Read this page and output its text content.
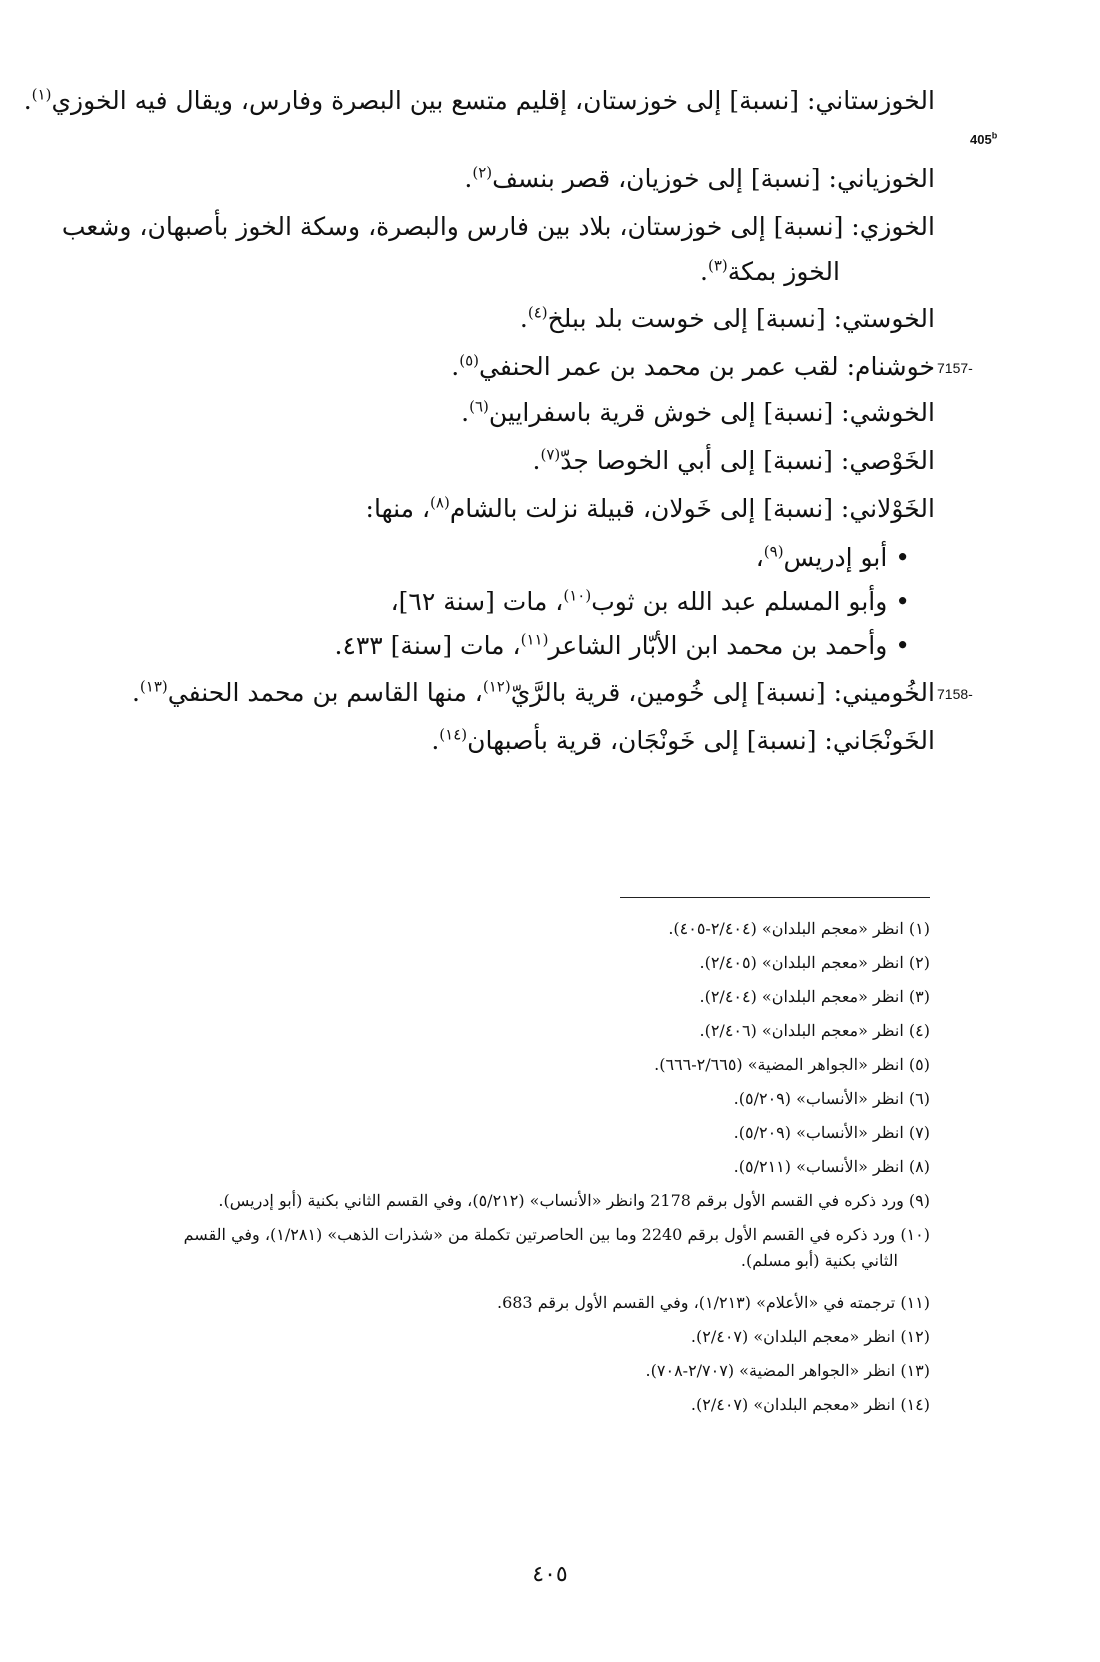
الخوزستاني: [نسبة] إلى خوزستان، إقليم متسع بين البصرة وفارس، ويقال فيه الخوزي$^{(١)}$.
405$^b$
الخوزياني: [نسبة] إلى خوزيان، قصر بنسف$^{(٢)}$.
الخوزي: [نسبة] إلى خوزستان، بلاد بين فارس والبصرة، وسكة الخوز بأصبهان، وشعب
الخوز بمكة$^{(٣)}$.
الخوستي: [نسبة] إلى خوست بلد ببلخ$^{(٤)}$.
خوشنام: لقب عمر بن محمد بن عمر الحنفي$^{(٥)}$.	7157-
الخوشي: [نسبة] إلى خوش قرية باسفرايين$^{(٦)}$.
الخَوْصي: [نسبة] إلى أبي الخوصا جدّ$^{(٧)}$.
الخَوْلاني: [نسبة] إلى خَولان، قبيلة نزلت بالشام$^{(٨)}$، منها:
• أبو إدريس$^{(٩)}$،
• وأبو المسلم عبد الله بن ثوب$^{(١٠)}$، مات [سنة ٦٢]،
• وأحمد بن محمد ابن الأبّار الشاعر$^{(١١)}$، مات [سنة] ٤٣٣.
الخُوميني: [نسبة] إلى خُومين، قرية بالرَّيّ$^{(١٢)}$، منها القاسم بن محمد الحنفي$^{(١٣)}$.	7158-
الخَونْجَاني: [نسبة] إلى خَونْجَان، قرية بأصبهان$^{(١٤)}$.
(١) انظر «معجم البلدان» (٢/٤٠٤-٤٠٥).
(٢) انظر «معجم البلدان» (٢/٤٠٥).
(٣) انظر «معجم البلدان» (٢/٤٠٤).
(٤) انظر «معجم البلدان» (٢/٤٠٦).
(٥) انظر «الجواهر المضية» (٢/٦٦٥-٦٦٦).
(٦) انظر «الأنساب» (٥/٢٠٩).
(٧) انظر «الأنساب» (٥/٢٠٩).
(٨) انظر «الأنساب» (٥/٢١١).
(٩) ورد ذكره في القسم الأول برقم 2178 وانظر «الأنساب» (٥/٢١٢)، وفي القسم الثاني بكنية (أبو إدريس).
(١٠) ورد ذكره في القسم الأول برقم 2240 وما بين الحاصرتين تكملة من «شذرات الذهب» (١/٢٨١)، وفي القسم
الثاني بكنية (أبو مسلم).
(١١) ترجمته في «الأعلام» (١/٢١٣)، وفي القسم الأول برقم 683.
(١٢) انظر «معجم البلدان» (٢/٤٠٧).
(١٣) انظر «الجواهر المضية» (٢/٧٠٧-٧٠٨).
(١٤) انظر «معجم البلدان» (٢/٤٠٧).
٤٠٥
